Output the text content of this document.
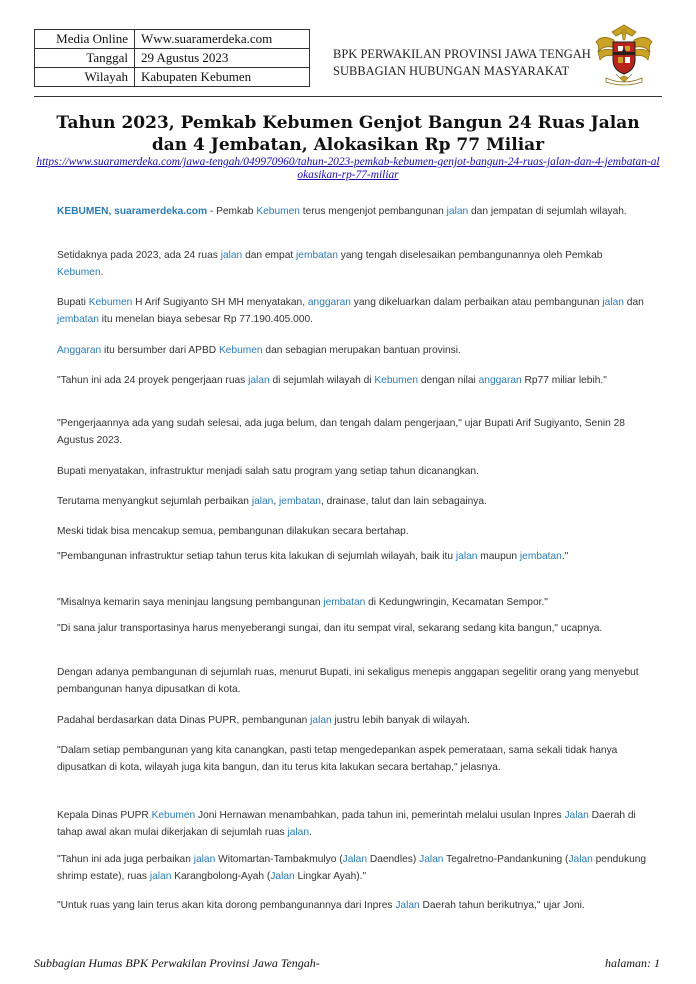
Media Online	Www.suaramerdeka.com
Tanggal	29 Agustus 2023
Wilayah	Kabupaten Kebumen
BPK PERWAKILAN PROVINSI JAWA TENGAH
SUBBAGIAN HUBUNGAN MASYARAKAT
Tahun 2023, Pemkab Kebumen Genjot Bangun 24 Ruas Jalan dan 4 Jembatan, Alokasikan Rp 77 Miliar
https://www.suaramerdeka.com/jawa-tengah/049970960/tahun-2023-pemkab-kebumen-genjot-bangun-24-ruas-jalan-dan-4-jembatan-alokasikan-rp-77-miliar

KEBUMEN, suaramerdeka.com - Pemkab Kebumen terus mengenjot pembangunan jalan dan jempatan di sejumlah wilayah.

Setidaknya pada 2023, ada 24 ruas jalan dan empat jembatan yang tengah diselesaikan pembangunannya oleh Pemkab Kebumen.

Bupati Kebumen H Arif Sugiyanto SH MH menyatakan, anggaran yang dikeluarkan dalam perbaikan atau pembangunan jalan dan jembatan itu menelan biaya sebesar Rp 77.190.405.000.

Anggaran itu bersumber dari APBD Kebumen dan sebagian merupakan bantuan provinsi.

"Tahun ini ada 24 proyek pengerjaan ruas jalan di sejumlah wilayah di Kebumen dengan nilai anggaran Rp77 miliar lebih."

"Pengerjaannya ada yang sudah selesai, ada juga belum, dan tengah dalam pengerjaan," ujar Bupati Arif Sugiyanto, Senin 28 Agustus 2023.

Bupati menyatakan, infrastruktur menjadi salah satu program yang setiap tahun dicanangkan.

Terutama menyangkut sejumlah perbaikan jalan, jembatan, drainase, talut dan lain sebagainya.

Meski tidak bisa mencakup semua, pembangunan dilakukan secara bertahap.

"Pembangunan infrastruktur setiap tahun terus kita lakukan di sejumlah wilayah, baik itu jalan maupun jembatan."

"Misalnya kemarin saya meninjau langsung pembangunan jembatan di Kedungwringin, Kecamatan Sempor."

"Di sana jalur transportasinya harus menyeberangi sungai, dan itu sempat viral, sekarang sedang kita bangun," ucapnya.

Dengan adanya pembangunan di sejumlah ruas, menurut Bupati, ini sekaligus menepis anggapan segelitir orang yang menyebut pembangunan hanya dipusatkan di kota.

Padahal berdasarkan data Dinas PUPR, pembangunan jalan justru lebih banyak di wilayah.

"Dalam setiap pembangunan yang kita canangkan, pasti tetap mengedepankan aspek pemerataan, sama sekali tidak hanya dipusatkan di kota, wilayah juga kita bangun, dan itu terus kita lakukan secara bertahap," jelasnya.

Kepala Dinas PUPR Kebumen Joni Hernawan menambahkan, pada tahun ini, pemerintah melalui usulan Inpres Jalan Daerah di tahap awal akan mulai dikerjakan di sejumlah ruas jalan.

"Tahun ini ada juga perbaikan jalan Witomartan-Tambakmulyo (Jalan Daendles) Jalan Tegalretno-Pandankuning (Jalan pendukung shrimp estate), ruas jalan Karangbolong-Ayah (Jalan Lingkar Ayah)."

"Untuk ruas yang lain terus akan kita dorong pembangunannya dari Inpres Jalan Daerah tahun berikutnya," ujar Joni.

Subbagian Humas BPK Perwakilan Provinsi Jawa Tengah-	halaman: 1
